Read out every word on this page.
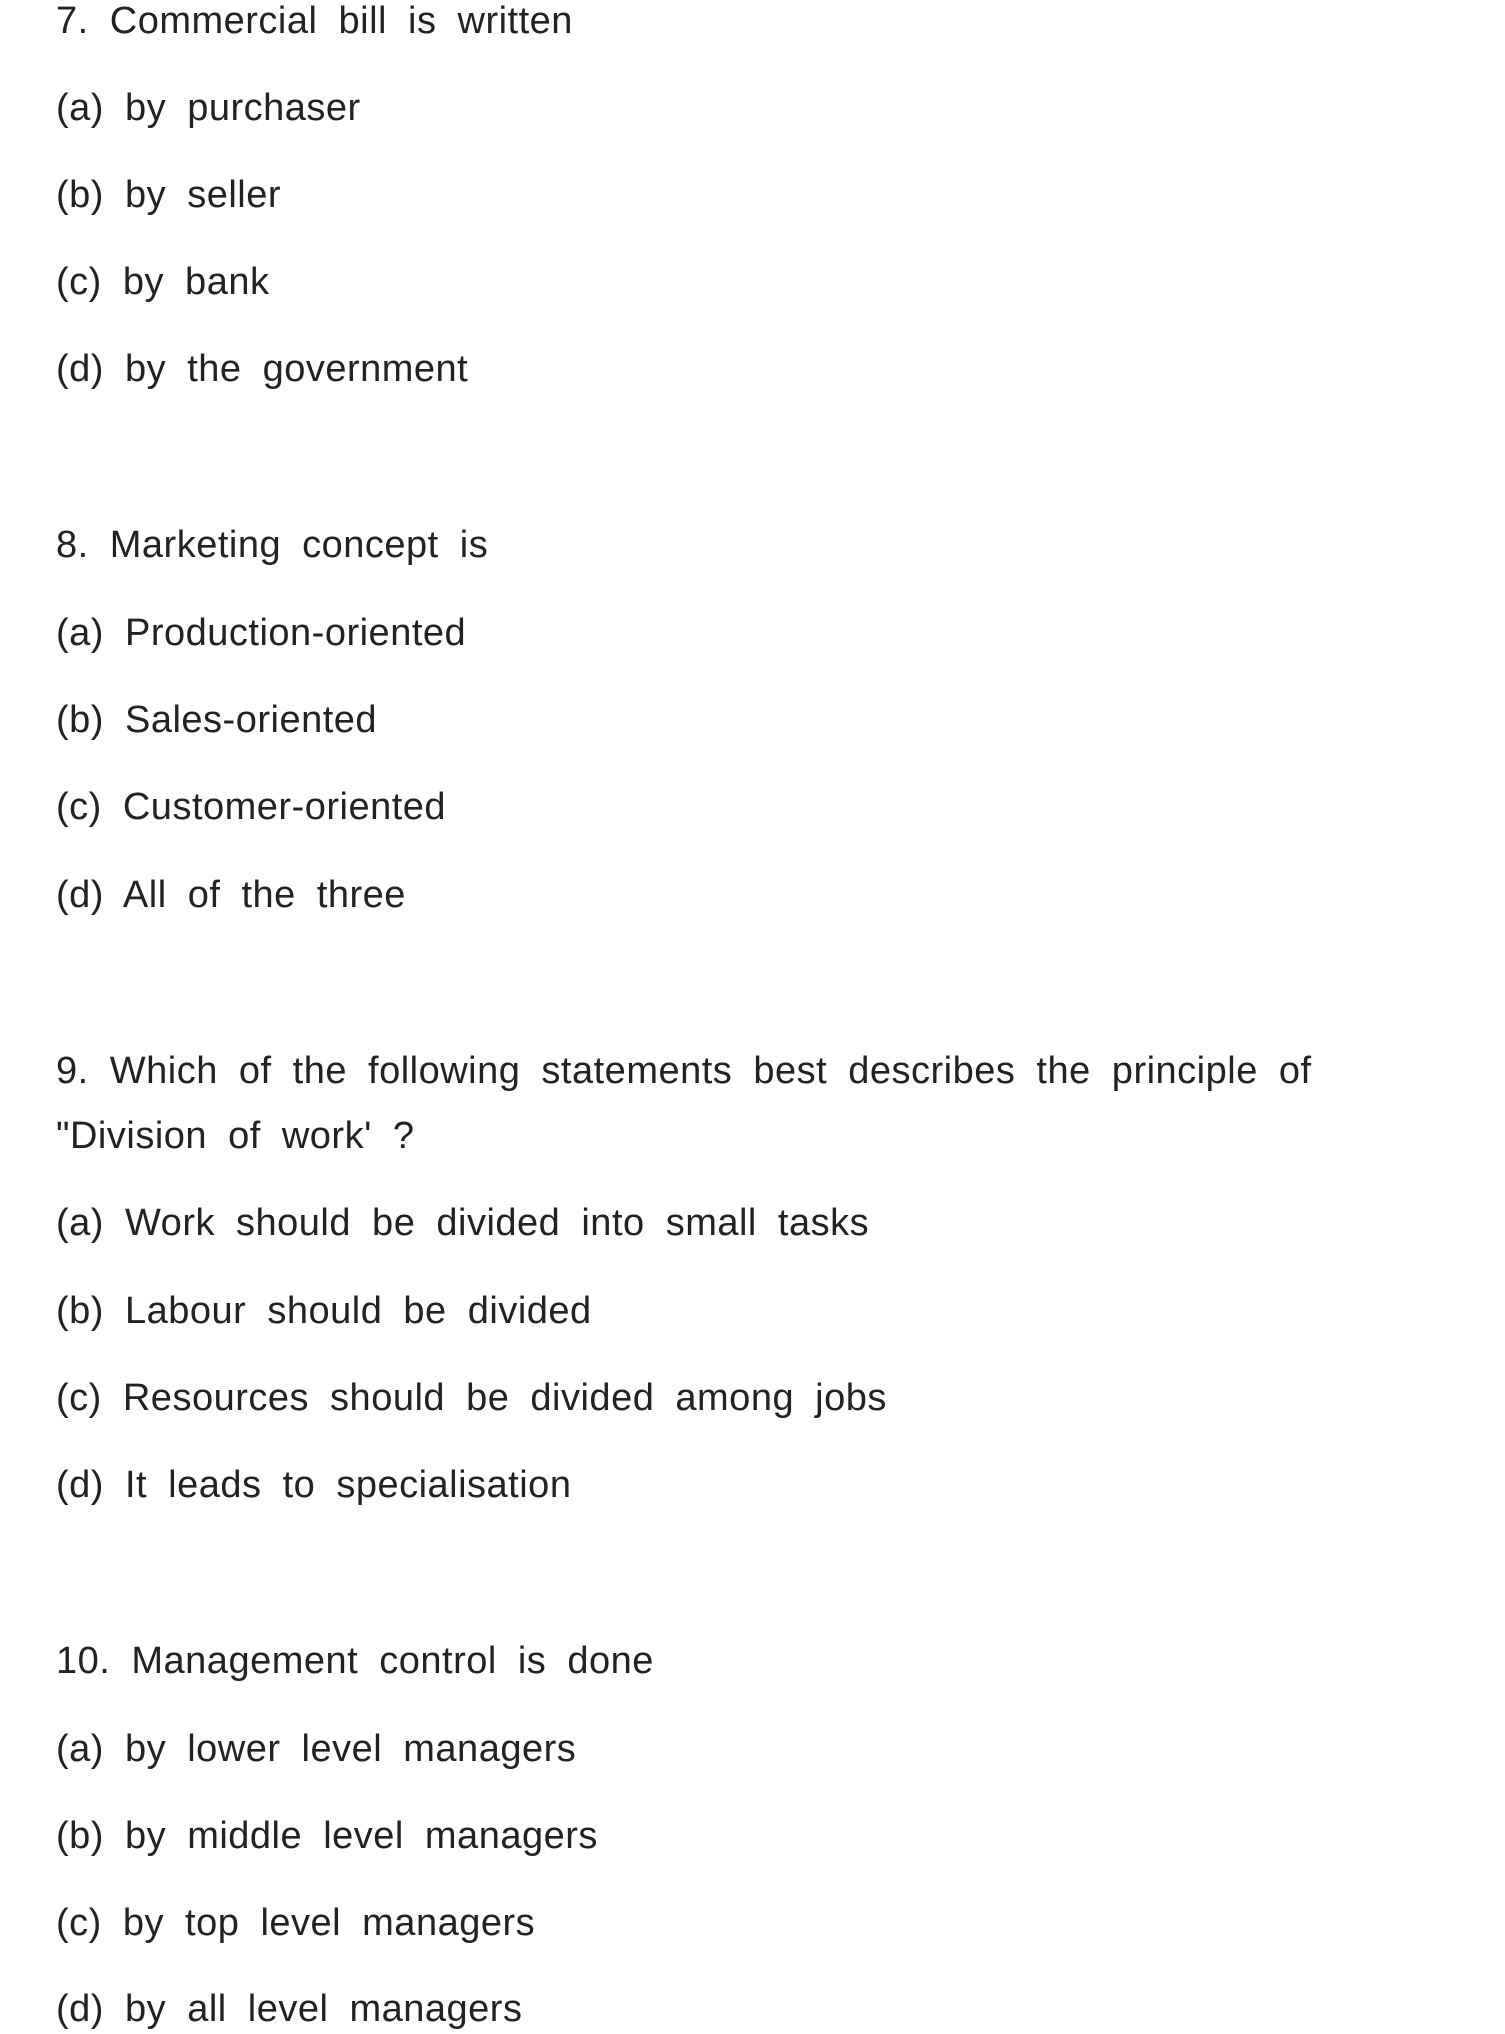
7. Commercial bill is written
(a) by purchaser
(b) by seller
(c) by bank
(d) by the government
8. Marketing concept is
(a) Production-oriented
(b) Sales-oriented
(c) Customer-oriented
(d) All of the three
9. Which of the following statements best describes the principle of
"Division of work' ?
(a) Work should be divided into small tasks
(b) Labour should be divided
(c) Resources should be divided among jobs
(d) It leads to specialisation
10. Management control is done
(a) by lower level managers
(b) by middle level managers
(c) by top level managers
(d) by all level managers
